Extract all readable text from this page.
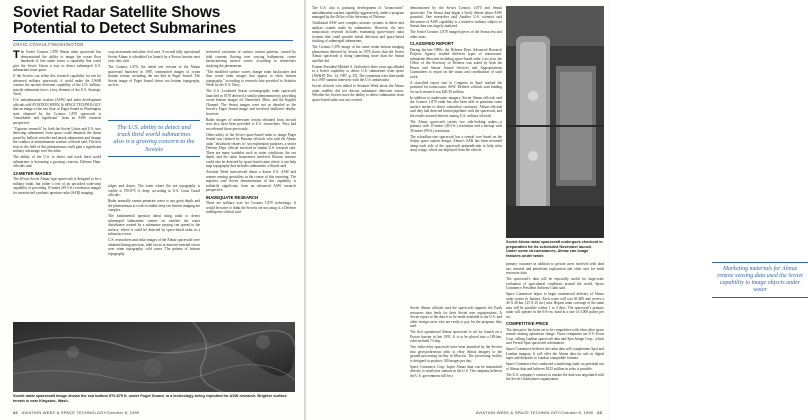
Soviet Radar Satellite Shows Potential to Detect Submarines
CRAIG COVAULT/WASHINGTON

The Soviet Cosmos 1,870 Almaz radar spacecraft has demonstrated the ability to image the ocean floor hundreds of feet under water, a capability that could give the Soviet Union a way to detect submerged U.S. submarines from space.

If the Soviets can refine this research capability for use by advanced military spacecraft, it could make the USSR counter the nuclear deterrent capability of the U.S. ballistic missile submarine force, a key element of the U.S. Strategic Triad.

U.S. antisubmarine warfare (ASW) and radar development officials told AVIATION WEEK & SPACE TECHNOLOGY that an image of the sea floor of Puget Sound in Washington state obtained by the Cosmos 1,870 spacecraft is "remarkable and significant" from an ASW research perspective.

"Vigorous research" by both the Soviet Union and U.S. into detecting submarines from space could diminish the threat posed by ballistic missiles and attack submarines and change the conduct of antisubmarine warfare, officials said. The first tests in the field of this phenomenon could gain a significant military advantage over the other.

The ability of the U.S. to detect and track third world submarines is becoming a growing concern, Defense Dept. officials said.

13-METER IMAGES

The 20-ton Soviet Almaz type spacecraft is designed to be a military radar, but rather a test of an uncooled wide-strip capability of providing 15-meter (49.5-ft.) resolution images for unrestricted synthetic aperture radar (SAR) imaging.

crop assessment and other civil uses. A second fully operational Soviet Almaz is scheduled for launch by a Proton booster next year, they said.

The Cosmos 1,870, the initial test version of the Almaz spacecraft launched in 1987, transmitted images of ocean bottom terrain, including the sea bed in Puget Sound. The Soviet image of Puget Sound shows sea bottom topography, such as

The U.S. ability to detect and track third world submarines also is a growing concern to the Soviets

ridges and slopes. The water where the sea topography is visible is 570-875 ft. deep, according to U.S. Coast Guard officials.

Radar normally cannot penetrate water to any great depth, and the phenomenon at work to enable deep sea bottom imaging are complex.

The fundamental question about using radar to detect submerged submarines centers on whether the water disturbance created by a submarine passing can spread to the surface, where it could be detected by space-based radar as a subsurface trace.

U.S. researchers and radar images of the Almaz spacecraft were obtained during previous, tidal forces or massive internal waves over some topography, cold water. The pattern of bottom topography.

terrestrial variations of surface current patterns, caused by tidal currents flowing over varying bathymetry, create backscattering surface waves, according to researchers studying the phenomena.

"The modified surface waves change radar backscatter and thus create radar images that appear to show bottom topography," according to research data provided to Aviation Week by the U.S. Navy.

The U.S. Lockheed Seasat oceanographic radar spacecraft launched in 1978 detected a similar phenomenon by providing ocean bottom images off Nantucket, Mass. and the English Channel. The Seasat images were not as detailed as the Soviet's Puget Sound image and involved shallower depths, however.

Radar images of underwater terrain obtained from aircraft tests also have been provided to U.S. researchers. They had not released those previously.

Other utility of the Soviet space-based radar to image Puget Sound was claimed by Russian officials who said the Almaz radar "absolutely relates to" sea exploration purposes, a senior Defense Dept. official involved in similar U.S. research said. There are many variables such as water conditions, the sea depth, and the radar frequencies involved. Bottom features could also be detected by space-based radar where it can help map topography that includes submarines, officials said.

Aviation Week interviewed about a dozen U.S. ASW and remote sensing specialists in the course of this reporting. The majority said Soviet demonstration of this capability is militarily significant, from an advanced ASW research perspective.

INADEQUATE RESEARCH

There are military uses for Cosmos 1,870 technology. It would be naive to think the Soviets are not using it, a Defense intelligence official said.

Soviet radar spacecraft image shows the sea bottom 570-875 ft. under Puget Sound, in a technology being exploited for ASW research. Brighter surface terrain is near Kingston, Wash.
22 AVIATION WEEK & SPACE TECHNOLOGY/October 8, 1990

The U.S. also is pursuing development of "nonacoustic" antisubmarine warfare capability aggressively, under a program managed by the Office of the Secretary of Defense.

Traditional ASW uses complex acoustic systems to detect and analyze sounds made by submarines. However, the new nonacoustic research includes examining space-based radar systems that could provide initial detection and space-based tracking of submerged submarines.

The Cosmos 1,870 image of the same ocean bottom imaging phenomena detected by Seasat in 1978 shows that the Soviet Almaz spacecraft is doing something more than the Seasat satellite did.

Former President Mikhail S. Gorbachev three years ago alluded to a Soviet capability to detect U.S. submarines from space (AW&ST Dec. 14, 1987, p. 35). The comments were then made in a 1987 summit interview with the U.S. ambassador.

Soviet officials who talked to Aviation Week about the Almaz radar satellite did not discuss submarine detection issues. Whether the Soviets have the ability to detect submarines from space-based radar was not covered.

demonstrated by the Soviet Cosmos 1,870 and Seasat spacecraft. The Seasat data began a lively debate about ASW potential. One researcher said Another U.S. scientist said discussion of ASW capability is a sensitive military subject so Seasat data was largely analyzed.

The Soviet Cosmos 1,870 imaged pieces of the Seasat test and other areas.

CLASSIFIED REPORT

During the late 1980s, the Defense Dept. Advanced Research Projects Agency studied different types of nonacoustic submarine detection including space-based radar. Last year, the Office of the Secretary of Defense was asked by both the House and Senate Armed Services and Appropriations Committees to report on the status and coordination of such work.

A classified report sent to Congress in April tracked the potential for nonacoustic ASW. Defense officials said funding for such research was $20-30 million.

In addition to underwater imagery, Soviet Almaz officials said the Cosmos 1,870 radar has also been able to penetrate some surface terrain to detect subsurface structures. Almaz officials said they had detected buried pipelines with the spacecraft, and the results aroused interest among U.S. military officials.

The Almaz spacecraft carries two side-looking radars—a primary with 15-meter (49.5-ft.) resolution and a backup with 30-meter (99-ft.) resolution.

The schoolbus-size spacecraft has a central core based on the Salyut space station design. Almaz's SAR has been mounted along each side of the spacecraft perpendicular to help solar array wings, which are deployed from the vehicle.

Soviet Almaz radar spacecraft undergoes checkout in preparation for its scheduled November launch. Under some circumstances, Almaz can image features under water.
Marketing materials for Almaz remote sensing data used the Soviet capability to image objects under water

primary customer in addition to private users involved with land use, mineral and petroleum exploration and other uses for earth resources data.

The spacecraft's data will be especially useful for large-scale evaluation of agricultural conditions around the world, Space Commerce President Anthony Clark said.

Space Commerce hopes to begin commercial delivery of Almaz radar scenes in January. Each scene will cost $1,600 and covers a 40 X 40 km. (25 X 25 mi.) area. Repeat radar coverage of the same area will be possible within 1 to 3 days. The spacecraft's primary radar will operate in the 9.6-cm. band at a rate of 3,000 pulses per sec.

COMPETITIVE PRICE

The data price has been set to be competitive with what other space remote sensing operations charge. Those companies are U.S. Eosat Corp. selling Landsat spacecraft data and Spot Image Corp., which uses French Spot spacecraft information.

Space Commerce believes the radar data will complement Spot and Landsat imagery. It will offer the Almaz data for sale in digital tapes and diskettes or Landsat compatible formats.

Space Commerce has conducted a marketing study on potential use of Almaz data and believes $125 million in sales is possible.

The U.S. company's contract to market the data was negotiated with the Soviet Glavkosmos organization.

AVIATION WEEK & SPACE TECHNOLOGY/October 8, 1990 23

Soviet Almaz officials said the spacecraft supports the Earth resources data feeds for their Soviet user organizations. A Soviet report of the data is to be made available to the U.S. and other foreign users who are ready to pay for the program, they said.

The first operational Almaz spacecraft is set for launch on a Proton booster in late 1991. It is to be placed into a 185-km. orbit inclined 73 deg.

Two radio-relay spacecraft have been launched by the Soviets into geosynchronous orbit to relay Almaz imagery to the ground processing facility in Moscow. The processing facility is designed to produce 100 images per day.

Space Commerce Corp. hopes Almaz data can be transmitted directly to small user stations in the U.S. The company believes the U.S. government will be a
